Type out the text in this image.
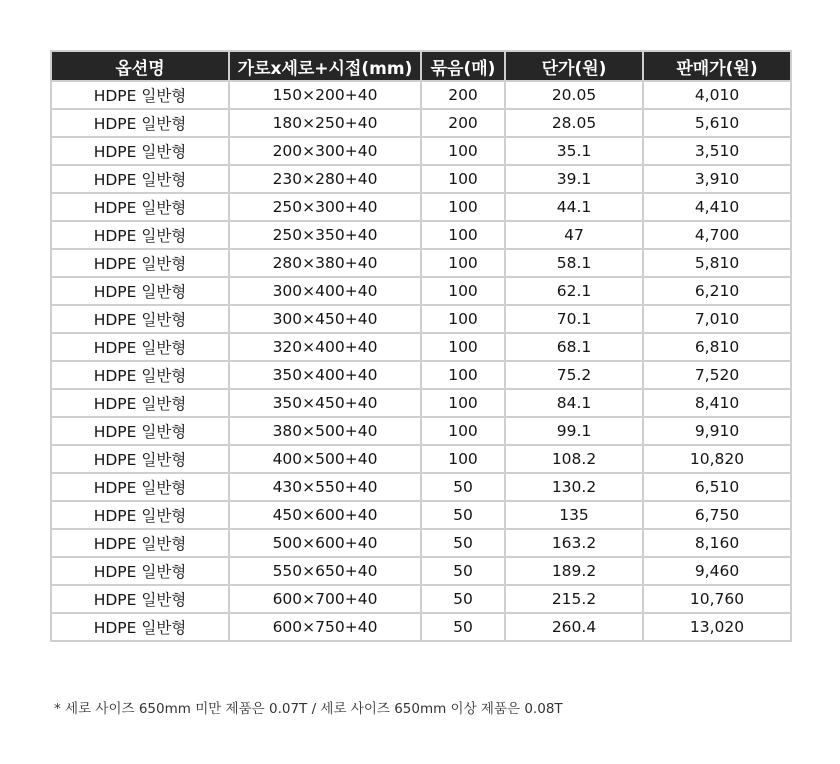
옵션명	가로x세로+시접(mm)	묶음(매)	단가(원)	판매가(원)
HDPE 일반형	150×200+40	200	20.05	4,010
HDPE 일반형	180×250+40	200	28.05	5,610
HDPE 일반형	200×300+40	100	35.1	3,510
HDPE 일반형	230×280+40	100	39.1	3,910
HDPE 일반형	250×300+40	100	44.1	4,410
HDPE 일반형	250×350+40	100	47	4,700
HDPE 일반형	280×380+40	100	58.1	5,810
HDPE 일반형	300×400+40	100	62.1	6,210
HDPE 일반형	300×450+40	100	70.1	7,010
HDPE 일반형	320×400+40	100	68.1	6,810
HDPE 일반형	350×400+40	100	75.2	7,520
HDPE 일반형	350×450+40	100	84.1	8,410
HDPE 일반형	380×500+40	100	99.1	9,910
HDPE 일반형	400×500+40	100	108.2	10,820
HDPE 일반형	430×550+40	50	130.2	6,510
HDPE 일반형	450×600+40	50	135	6,750
HDPE 일반형	500×600+40	50	163.2	8,160
HDPE 일반형	550×650+40	50	189.2	9,460
HDPE 일반형	600×700+40	50	215.2	10,760
HDPE 일반형	600×750+40	50	260.4	13,020
* 세로 사이즈 650mm 미만 제품은 0.07T / 세로 사이즈 650mm 이상 제품은 0.08T
